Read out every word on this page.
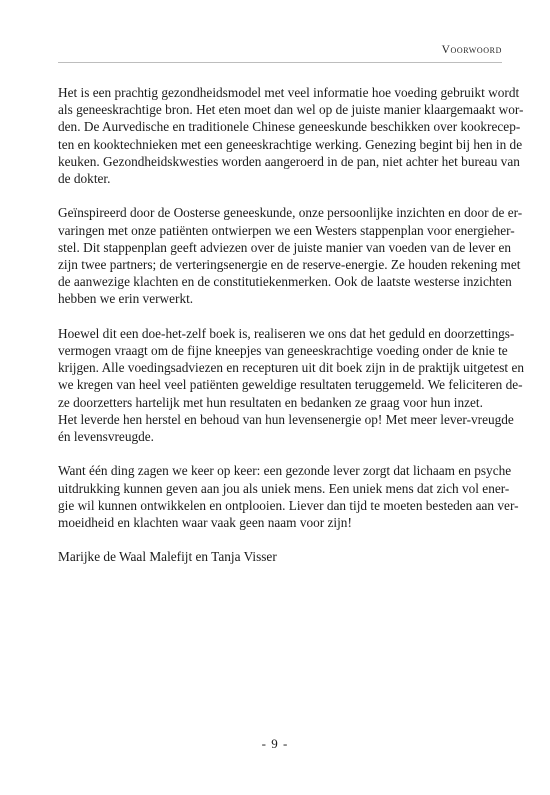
Voorwoord
Het is een prachtig gezondheidsmodel met veel informatie hoe voeding gebruikt wordt
als geneeskrachtige bron. Het eten moet dan wel op de juiste manier klaargemaakt wor-
den. De Aurvedische en traditionele Chinese geneeskunde beschikken over kookrecep-
ten en kooktechnieken met een geneeskrachtige werking. Genezing begint bij hen in de
keuken. Gezondheidskwesties worden aangeroerd in de pan, niet achter het bureau van
de dokter.
Geïnspireerd door de Oosterse geneeskunde, onze persoonlijke inzichten en door de er-
varingen met onze patiënten ontwierpen we een Westers stappenplan voor energieher-
stel. Dit stappenplan geeft adviezen over de juiste manier van voeden van de lever en
zijn twee partners; de verteringsenergie en de reserve-energie. Ze houden rekening met
de aanwezige klachten en de constitutiekenmerken. Ook de laatste westerse inzichten
hebben we erin verwerkt.
Hoewel dit een doe-het-zelf boek is, realiseren we ons dat het geduld en doorzettings-
vermogen vraagt om de fijne kneepjes van geneeskrachtige voeding onder de knie te
krijgen. Alle voedingsadviezen en recepturen uit dit boek zijn in de praktijk uitgetest en
we kregen van heel veel patiënten geweldige resultaten teruggemeld. We feliciteren de-
ze doorzetters hartelijk met hun resultaten en bedanken ze graag voor hun inzet.
Het leverde hen herstel en behoud van hun levensenergie op! Met meer lever-vreugde
én levensvreugde.
Want één ding zagen we keer op keer: een gezonde lever zorgt dat lichaam en psyche
uitdrukking kunnen geven aan jou als uniek mens. Een uniek mens dat zich vol ener-
gie wil kunnen ontwikkelen en ontplooien. Liever dan tijd te moeten besteden aan ver-
moeidheid en klachten waar vaak geen naam voor zijn!
Marijke de Waal Malefijt en Tanja Visser
- 9 -
